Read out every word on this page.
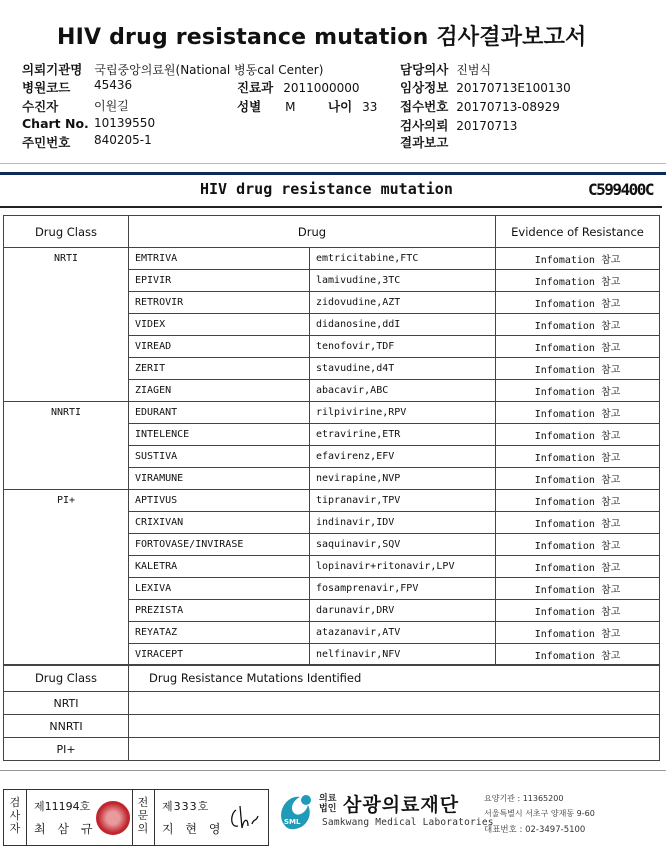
HIV drug resistance mutation 검사결과보고서
의뢰기관명 국립중앙의료원(National 병동cal Center)
병원코드 45436	진료과 2011000000
수진자	이원길	성별 M	나이 33
Chart No. 10139550
주민번호 840205-1
담당의사 진범식
임상정보 20170713E100130
접수번호 20170713-08929
검사의뢰 20170713
결과보고
HIV drug resistance mutation	C599400C
Drug Class	Drug		Evidence of Resistance
NRTI	EMTRIVA	emtricitabine,FTC	Infomation 참고
	EPIVIR	lamivudine,3TC	Infomation 참고
	RETROVIR	zidovudine,AZT	Infomation 참고
	VIDEX	didanosine,ddI	Infomation 참고
	VIREAD	tenofovir,TDF	Infomation 참고
	ZERIT	stavudine,d4T	Infomation 참고
	ZIAGEN	abacavir,ABC	Infomation 참고
NNRTI	EDURANT	rilpivirine,RPV	Infomation 참고
	INTELENCE	etravirine,ETR	Infomation 참고
	SUSTIVA	efavirenz,EFV	Infomation 참고
	VIRAMUNE	nevirapine,NVP	Infomation 참고
PI+	APTIVUS	tipranavir,TPV	Infomation 참고
	CRIXIVAN	indinavir,IDV	Infomation 참고
	FORTOVASE/INVIRASE	saquinavir,SQV	Infomation 참고
	KALETRA	lopinavir+ritonavir,LPV	Infomation 참고
	LEXIVA	fosamprenavir,FPV	Infomation 참고
	PREZISTA	darunavir,DRV	Infomation 참고
	REYATAZ	atazanavir,ATV	Infomation 참고
	VIRACEPT	nelfinavir,NFV	Infomation 참고
Drug Class	Drug Resistance Mutations Identified
NRTI	
NNRTI	
PI+	
검사자
제11194호
최 삼 규
전문의
제333호
지 현 영	SML
의료
법인 삼광의료재단
Samkwang Medical Laboratories
요양기관 : 11365200
서울특별시 서초구 양재동 9-60
대표번호 : 02-3497-5100
